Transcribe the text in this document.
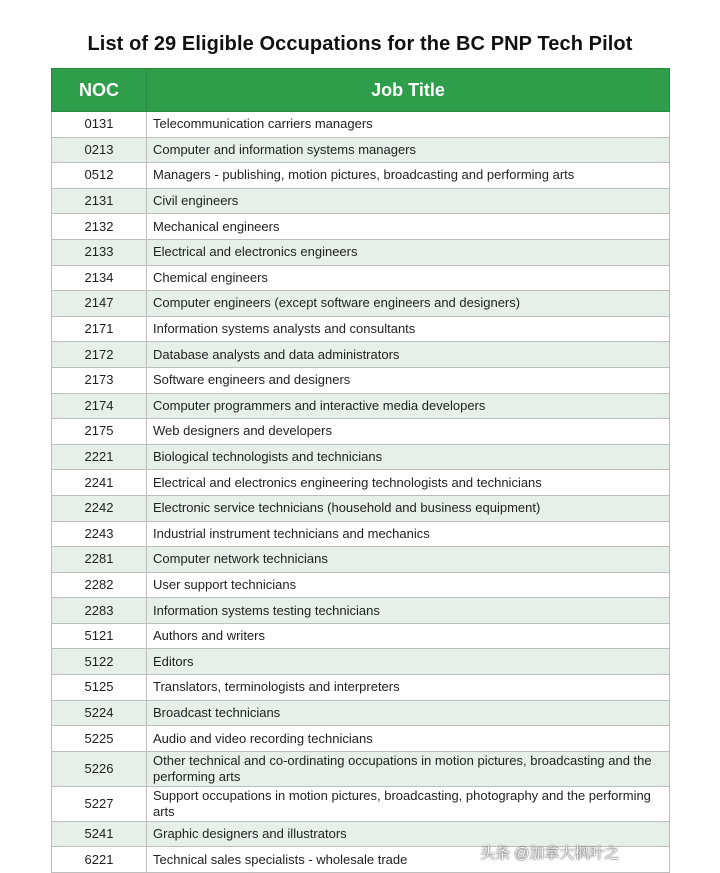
List of 29 Eligible Occupations for the BC PNP Tech Pilot
NOC	Job Title
0131	Telecommunication carriers managers
0213	Computer and information systems managers
0512	Managers - publishing, motion pictures, broadcasting and performing arts
2131	Civil engineers
2132	Mechanical engineers
2133	Electrical and electronics engineers
2134	Chemical engineers
2147	Computer engineers (except software engineers and designers)
2171	Information systems analysts and consultants
2172	Database analysts and data administrators
2173	Software engineers and designers
2174	Computer programmers and interactive media developers
2175	Web designers and developers
2221	Biological technologists and technicians
2241	Electrical and electronics engineering technologists and technicians
2242	Electronic service technicians (household and business equipment)
2243	Industrial instrument technicians and mechanics
2281	Computer network technicians
2282	User support technicians
2283	Information systems testing technicians
5121	Authors and writers
5122	Editors
5125	Translators, terminologists and interpreters
5224	Broadcast technicians
5225	Audio and video recording technicians
5226	Other technical and co-ordinating occupations in motion pictures, broadcasting and the performing arts
5227	Support occupations in motion pictures, broadcasting, photography and the performing arts
5241	Graphic designers and illustrators
6221	Technical sales specialists - wholesale trade	头条 @加拿大枫叶之
